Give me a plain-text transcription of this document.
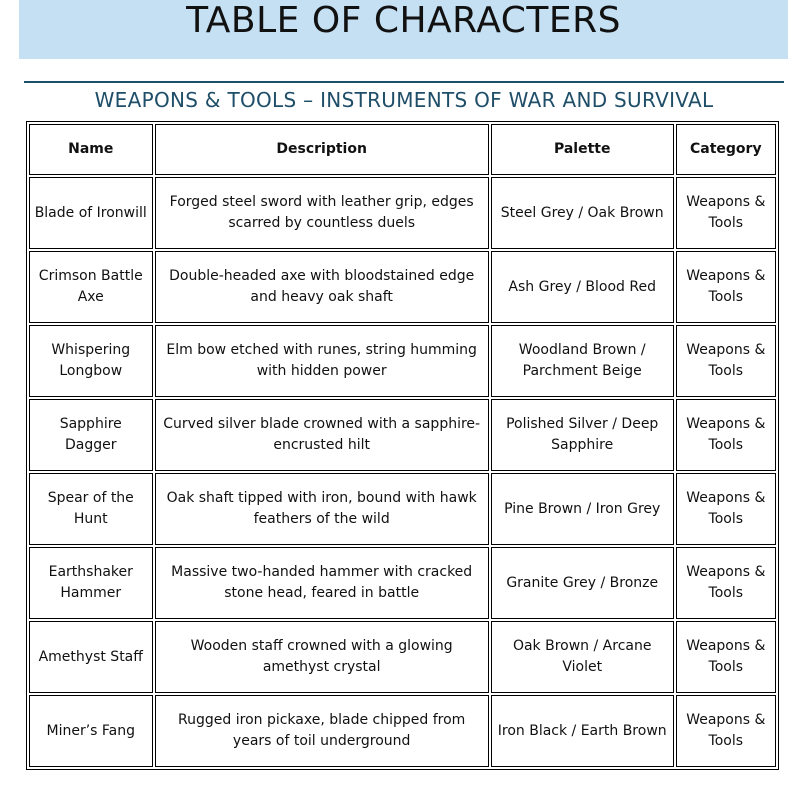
TABLE OF CHARACTERS
WEAPONS & TOOLS – INSTRUMENTS OF WAR AND SURVIVAL
Name	Description	Palette	Category
Blade of Ironwill	Forged steel sword with leather grip, edges scarred by countless duels	Steel Grey / Oak Brown	Weapons & Tools
Crimson Battle Axe	Double-headed axe with bloodstained edge and heavy oak shaft	Ash Grey / Blood Red	Weapons & Tools
Whispering Longbow	Elm bow etched with runes, string humming with hidden power	Woodland Brown / Parchment Beige	Weapons & Tools
Sapphire Dagger	Curved silver blade crowned with a sapphire-encrusted hilt	Polished Silver / Deep Sapphire	Weapons & Tools
Spear of the Hunt	Oak shaft tipped with iron, bound with hawk feathers of the wild	Pine Brown / Iron Grey	Weapons & Tools
Earthshaker Hammer	Massive two-handed hammer with cracked stone head, feared in battle	Granite Grey / Bronze	Weapons & Tools
Amethyst Staff	Wooden staff crowned with a glowing amethyst crystal	Oak Brown / Arcane Violet	Weapons & Tools
Miner’s Fang	Rugged iron pickaxe, blade chipped from years of toil underground	Iron Black / Earth Brown	Weapons & Tools
